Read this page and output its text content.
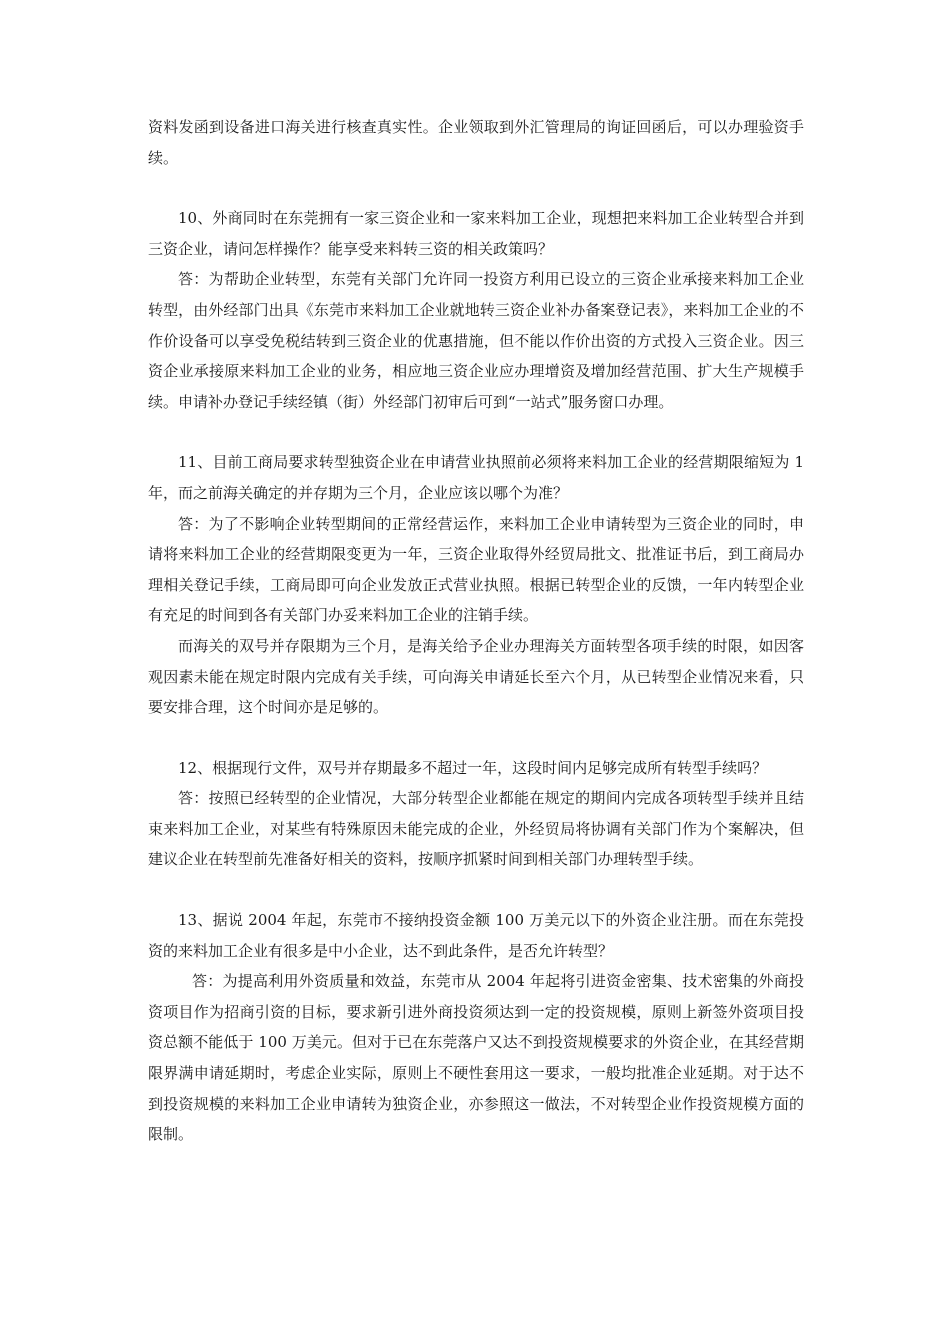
资料发函到设备进口海关进行核查真实性。企业领取到外汇管理局的询证回函后，可以办理验资手续。

10、外商同时在东莞拥有一家三资企业和一家来料加工企业，现想把来料加工企业转型合并到三资企业，请问怎样操作？能享受来料转三资的相关政策吗？

答：为帮助企业转型，东莞有关部门允许同一投资方利用已设立的三资企业承接来料加工企业转型，由外经部门出具《东莞市来料加工企业就地转三资企业补办备案登记表》，来料加工企业的不作价设备可以享受免税结转到三资企业的优惠措施，但不能以作价出资的方式投入三资企业。因三资企业承接原来料加工企业的业务，相应地三资企业应办理增资及增加经营范围、扩大生产规模手续。申请补办登记手续经镇（街）外经部门初审后可到“一站式”服务窗口办理。

11、目前工商局要求转型独资企业在申请营业执照前必须将来料加工企业的经营期限缩短为 1 年，而之前海关确定的并存期为三个月，企业应该以哪个为准？

答：为了不影响企业转型期间的正常经营运作，来料加工企业申请转型为三资企业的同时，申请将来料加工企业的经营期限变更为一年，三资企业取得外经贸局批文、批准证书后，到工商局办理相关登记手续，工商局即可向企业发放正式营业执照。根据已转型企业的反馈，一年内转型企业有充足的时间到各有关部门办妥来料加工企业的注销手续。

而海关的双号并存限期为三个月，是海关给予企业办理海关方面转型各项手续的时限，如因客观因素未能在规定时限内完成有关手续，可向海关申请延长至六个月，从已转型企业情况来看，只要安排合理，这个时间亦是足够的。

12、根据现行文件，双号并存期最多不超过一年，这段时间内足够完成所有转型手续吗？

答：按照已经转型的企业情况，大部分转型企业都能在规定的期间内完成各项转型手续并且结束来料加工企业，对某些有特殊原因未能完成的企业，外经贸局将协调有关部门作为个案解决，但建议企业在转型前先准备好相关的资料，按顺序抓紧时间到相关部门办理转型手续。

13、据说 2004 年起，东莞市不接纳投资金额 100 万美元以下的外资企业注册。而在东莞投资的来料加工企业有很多是中小企业，达不到此条件，是否允许转型？

答：为提高利用外资质量和效益，东莞市从 2004 年起将引进资金密集、技术密集的外商投资项目作为招商引资的目标，要求新引进外商投资须达到一定的投资规模，原则上新签外资项目投资总额不能低于 100 万美元。但对于已在东莞落户又达不到投资规模要求的外资企业，在其经营期限界满申请延期时，考虑企业实际，原则上不硬性套用这一要求，一般均批准企业延期。对于达不到投资规模的来料加工企业申请转为独资企业，亦参照这一做法，不对转型企业作投资规模方面的限制。
